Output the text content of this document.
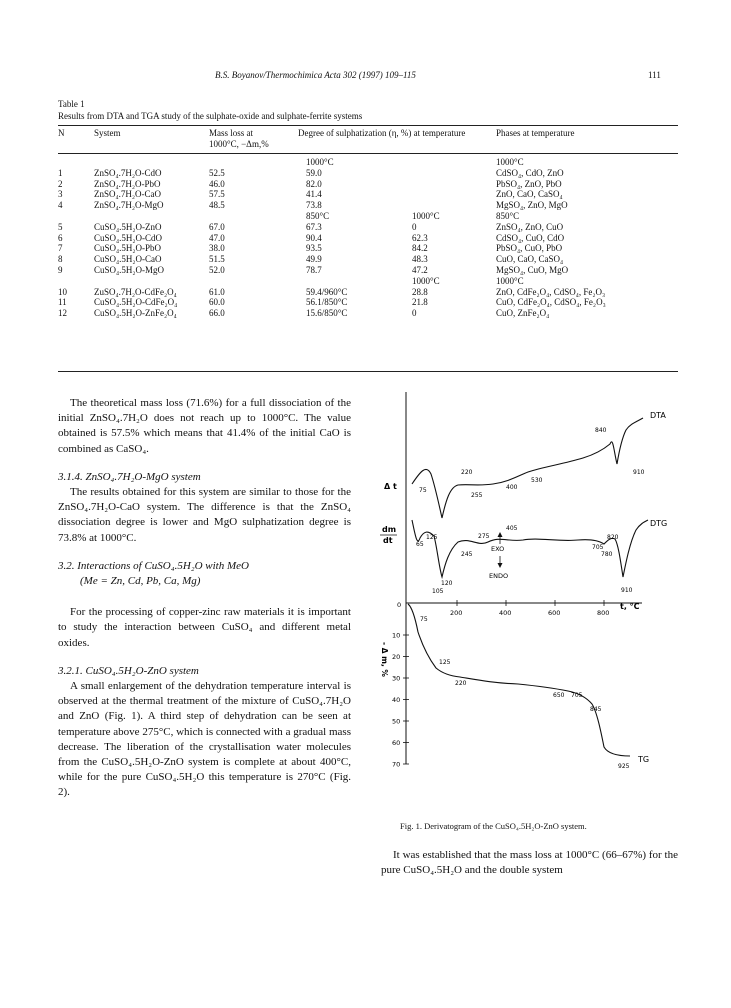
B.S. Boyanov/Thermochimica Acta 302 (1997) 109–115	111
Table 1
Results from DTA and TGA study of the sulphate-oxide and sulphate-ferrite systems
N	System	Mass loss at
1000°C, −Δm,%
	Degree of sulphatization (η, %) at temperature	Phases at temperature
			1000°C		1000°C
1	ZnSO₄.7H₂O-CdO	52.5	59.0		CdSO₄, CdO, ZnO
2	ZnSO₄.7H₂O-PbO	46.0	82.0		PbSO₄, ZnO, PbO
3	ZnSO₄.7H₂O-CaO	57.5	41.4		ZnO, CaO, CaSO₄
4	ZnSO₄.7H₂O-MgO	48.5	73.8		MgSO₄, ZnO, MgO
			850°C	1000°C	850°C
5	CuSO₄.5H₂O-ZnO	67.0	67.3	0	ZnSO₄, ZnO, CuO
6	CuSO₄.5H₂O-CdO	47.0	90.4	62.3	CdSO₄, CuO, CdO
7	CuSO₄.5H₂O-PbO	38.0	93.5	84.2	PbSO₄, CuO, PbO
8	CuSO₄.5H₂O-CaO	51.5	49.9	48.3	CuO, CaO, CaSO₄
9	CuSO₄.5H₂O-MgO	52.0	78.7	47.2	MgSO₄, CuO, MgO
				1000°C	1000°C
10	ZuSO₄.7H₂O-CdFe₂O₄	61.0	59.4/960°C	28.8	ZnO, CdFe₂O₄, CdSO₄, Fe₂O₃
11	CuSO₄.5H₂O-CdFe₂O₄	60.0	56.1/850°C	21.8	CuO, CdFe₂O₄, CdSO₄, Fe₂O₃
12	CuSO₄.5H₂O-ZnFe₂O₄	66.0	15.6/850°C	0	CuO, ZnFe₂O₄

The theoretical mass loss (71.6%) for a full dissociation of the initial ZnSO₄.7H₂O does not reach up to 1000°C. The value obtained is 57.5% which means that 41.4% of the initial CaO is combined as CaSO₄.

3.1.4. ZnSO₄.7H₂O-MgO system

The results obtained for this system are similar to those for the ZnSO₄.7H₂O-CaO system. The difference is that the ZnSO₄ dissociation degree is lower and MgO sulphatization degree is 73.8% at 1000°C.

3.2. Interactions of CuSO₄.5H₂O with MeO

(Me = Zn, Cd, Pb, Ca, Mg)

For the processing of copper-zinc raw materials it is important to study the interaction between CuSO₄ and different metal oxides.

3.2.1. CuSO₄.5H₂O-ZnO system

A small enlargement of the dehydration temperature interval is observed at the thermal treatment of the mixture of CuSO₄.7H₂O and ZnO (Fig. 1). A third step of dehydration can be seen at temperature above 275°C, which is connected with a gradual mass decrease. The liberation of the crystallisation water molecules from the CuSO₄.5H₂O-ZnO system is complete at about 400°C, while for the pure CuSO₄.5H₂O this temperature is 270°C (Fig. 2).

200	400	600	800
10
20
30
40
50
60
70
EXO
ENDO
Δ t
dm
dt
0	t, °C
- Δ m, %
DTA
DTG
TG
840
910
220
400
530
75
255
275
405
820
125
65
245
705
780
120
105	910
75
125
220
650 705
845
925
Fig. 1. Derivatogram of the CuSO₄.5H₂O-ZnO system.

It was established that the mass loss at 1000°C (66–67%) for the pure CuSO₄.5H₂O and the double system
